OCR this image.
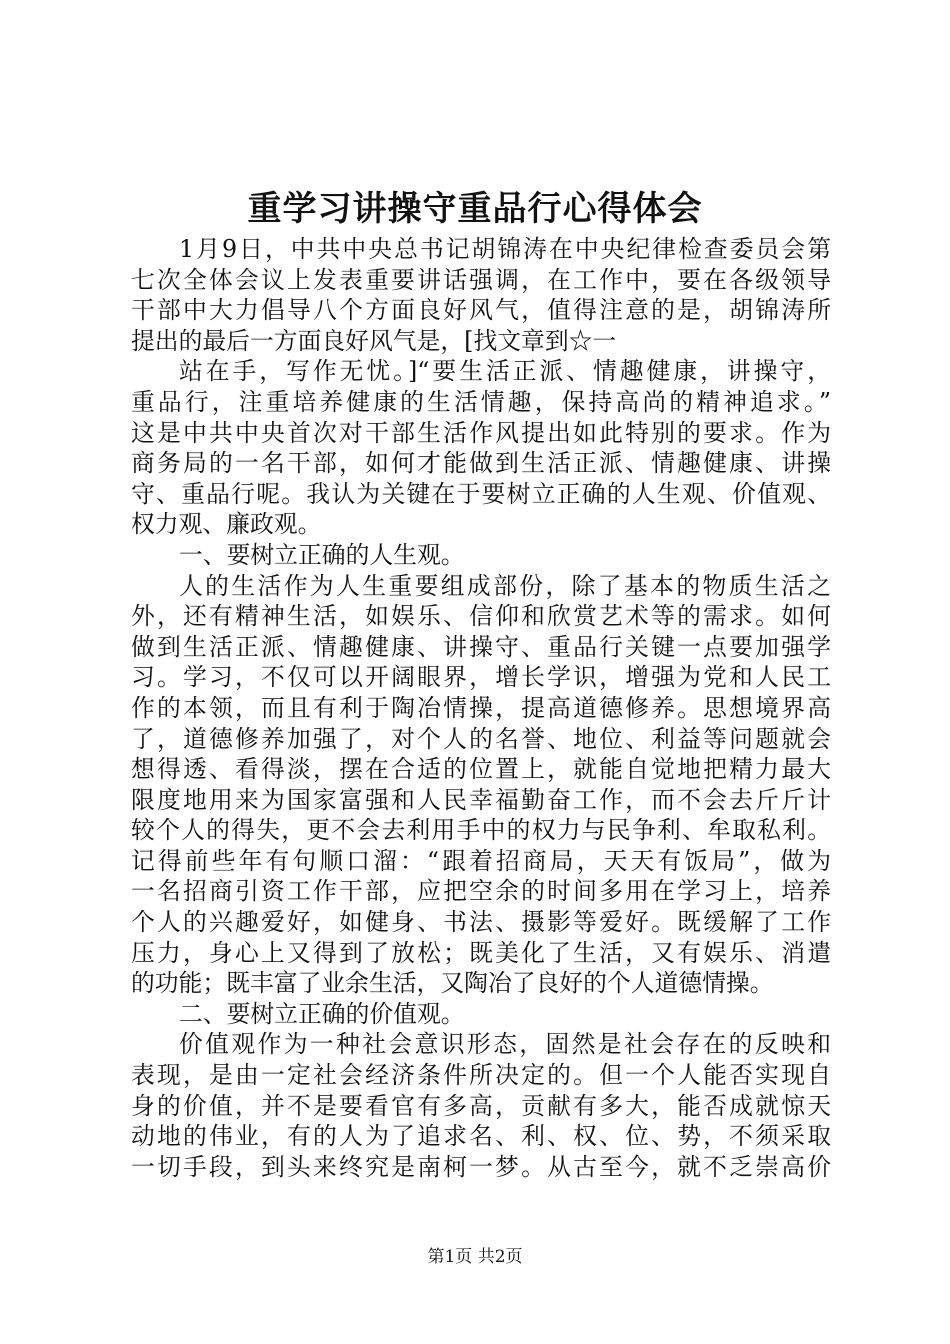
重学习讲操守重品行心得体会
1月9日，中共中央总书记胡锦涛在中央纪律检查委员会第
七次全体会议上发表重要讲话强调，在工作中，要在各级领导
干部中大力倡导八个方面良好风气，值得注意的是，胡锦涛所
提出的最后一方面良好风气是，[找文章到☆一
站在手，写作无忧。]“要生活正派、情趣健康，讲操守，
重品行，注重培养健康的生活情趣，保持高尚的精神追求。”
这是中共中央首次对干部生活作风提出如此特别的要求。作为
商务局的一名干部，如何才能做到生活正派、情趣健康、讲操
守、重品行呢。我认为关键在于要树立正确的人生观、价值观、
权力观、廉政观。
一、要树立正确的人生观。
人的生活作为人生重要组成部份，除了基本的物质生活之
外，还有精神生活，如娱乐、信仰和欣赏艺术等的需求。如何
做到生活正派、情趣健康、讲操守、重品行关键一点要加强学
习。学习，不仅可以开阔眼界，增长学识，增强为党和人民工
作的本领，而且有利于陶冶情操，提高道德修养。思想境界高
了，道德修养加强了，对个人的名誉、地位、利益等问题就会
想得透、看得淡，摆在合适的位置上，就能自觉地把精力最大
限度地用来为国家富强和人民幸福勤奋工作，而不会去斤斤计
较个人的得失，更不会去利用手中的权力与民争利、牟取私利。
记得前些年有句顺口溜：“跟着招商局，天天有饭局”，做为
一名招商引资工作干部，应把空余的时间多用在学习上，培养
个人的兴趣爱好，如健身、书法、摄影等爱好。既缓解了工作
压力，身心上又得到了放松；既美化了生活，又有娱乐、消遣
的功能；既丰富了业余生活，又陶冶了良好的个人道德情操。
二、要树立正确的价值观。
价值观作为一种社会意识形态，固然是社会存在的反映和
表现，是由一定社会经济条件所决定的。但一个人能否实现自
身的价值，并不是要看官有多高，贡献有多大，能否成就惊天
动地的伟业，有的人为了追求名、利、权、位、势，不须采取
一切手段，到头来终究是南柯一梦。从古至今，就不乏崇高价
第1页 共2页
